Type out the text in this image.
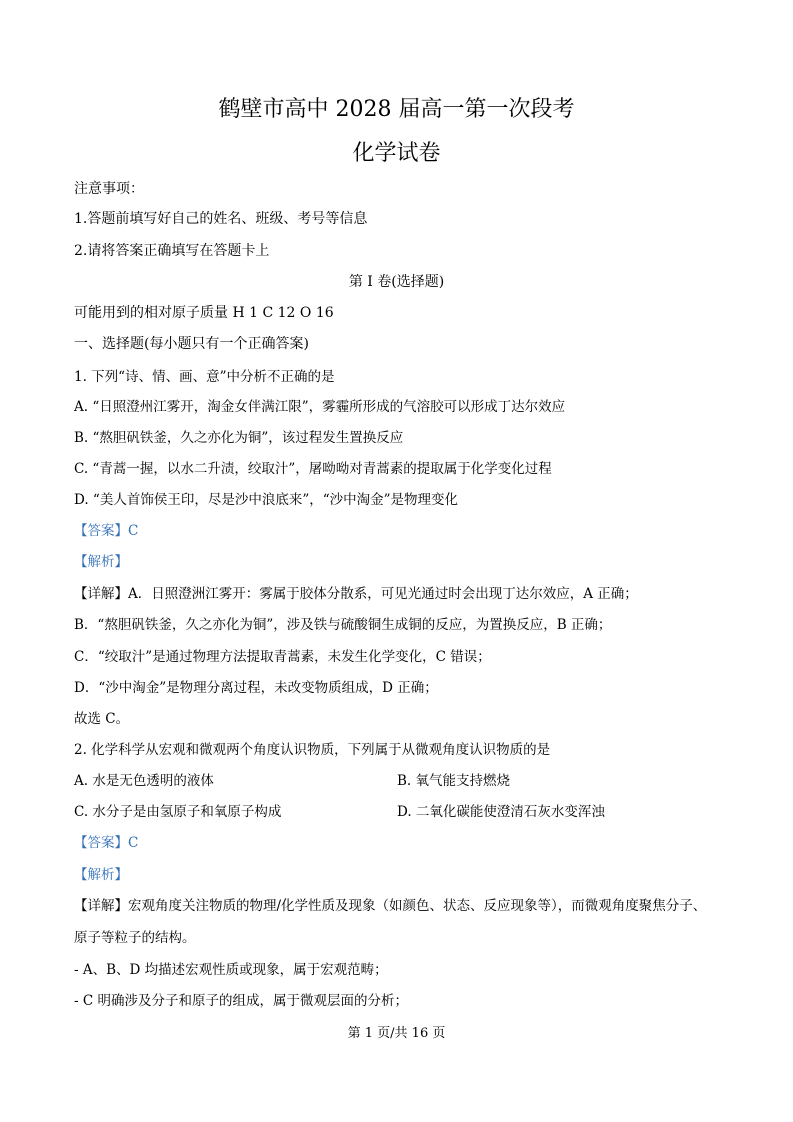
鹤壁市高中 2028 届高一第一次段考
化学试卷
注意事项：
1.答题前填写好自己的姓名、班级、考号等信息
2.请将答案正确填写在答题卡上
第 I 卷(选择题)
可能用到的相对原子质量 H 1 C 12 O 16
一、选择题(每小题只有一个正确答案)
1. 下列“诗、情、画、意”中分析不正确的是
A. “日照澄州江雾开，淘金女伴满江限”，雾霾所形成的气溶胶可以形成丁达尔效应
B. “熬胆矾铁釜，久之亦化为铜”，该过程发生置换反应
C. “青蒿一握，以水二升渍，绞取汁”，屠呦呦对青蒿素的提取属于化学变化过程
D. “美人首饰侯王印，尽是沙中浪底来”，“沙中淘金”是物理变化
【答案】C
【解析】
【详解】A．日照澄洲江雾开：雾属于胶体分散系，可见光通过时会出现丁达尔效应，A 正确；
B．“熬胆矾铁釜，久之亦化为铜”，涉及铁与硫酸铜生成铜的反应，为置换反应，B 正确；
C．“绞取汁”是通过物理方法提取青蒿素，未发生化学变化，C 错误；
D．“沙中淘金”是物理分离过程，未改变物质组成，D 正确；
故选 C。
2. 化学科学从宏观和微观两个角度认识物质，下列属于从微观角度认识物质的是
A. 水是无色透明的液体	B. 氧气能支持燃烧
C. 水分子是由氢原子和氧原子构成	D. 二氧化碳能使澄清石灰水变浑浊
【答案】C
【解析】
【详解】宏观角度关注物质的物理/化学性质及现象（如颜色、状态、反应现象等），而微观角度聚焦分子、
原子等粒子的结构。
- A、B、D 均描述宏观性质或现象，属于宏观范畴；
- C 明确涉及分子和原子的组成，属于微观层面的分析；
第 1 页/共 16 页
